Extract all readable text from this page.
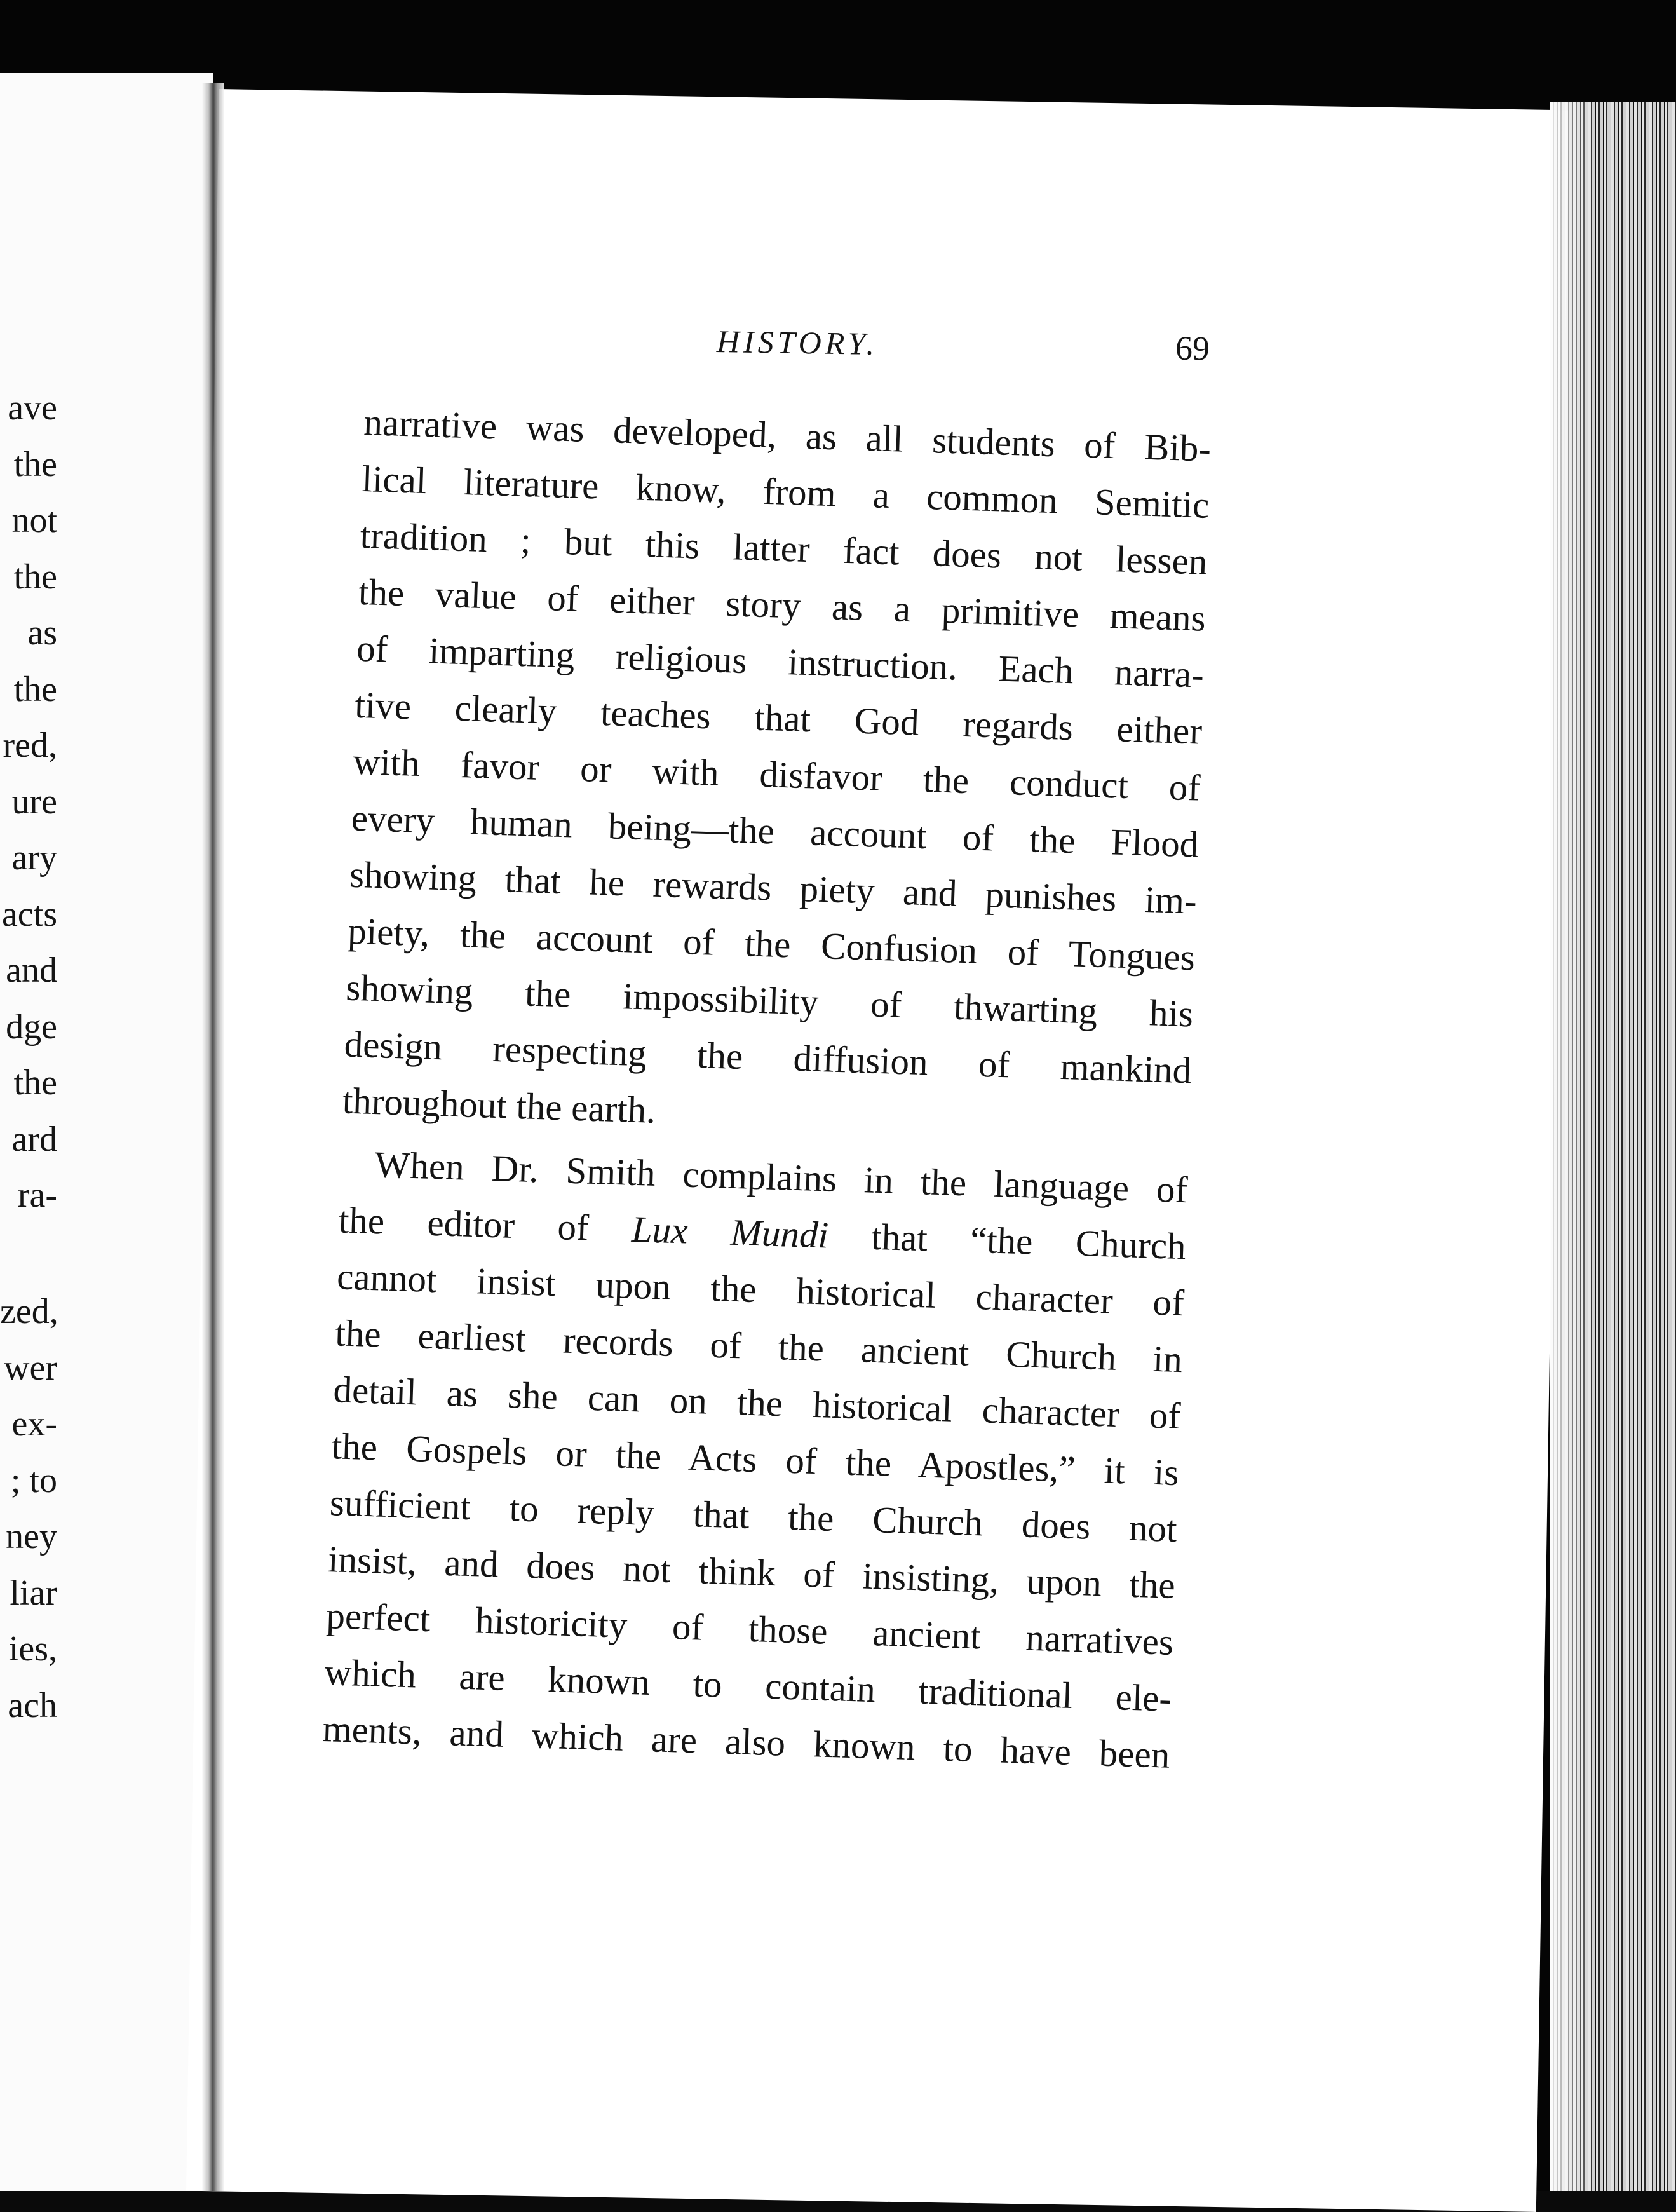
ave
the
not
the
as
the
red,
ure
ary
acts
and
dge
the
ard
ra-
zed,
wer
ex-
; to
ney
liar
ies,
ach
HISTORY.	69
narrative was developed, as all students of Bib-
lical literature know, from a common Semitic
tradition ; but this latter fact does not lessen
the value of either story as a primitive means
of imparting religious instruction. Each narra-
tive clearly teaches that God regards either
with favor or with disfavor the conduct of
every human being—the account of the Flood
showing that he rewards piety and punishes im-
piety, the account of the Confusion of Tongues
showing the impossibility of thwarting his
design respecting the diffusion of mankind
throughout the earth.
When Dr. Smith complains in the language of
the editor of Lux Mundi that “the Church
cannot insist upon the historical character of
the earliest records of the ancient Church in
detail as she can on the historical character of
the Gospels or the Acts of the Apostles,” it is
sufficient to reply that the Church does not
insist, and does not think of insisting, upon the
perfect historicity of those ancient narratives
which are known to contain traditional ele-
ments, and which are also known to have been
